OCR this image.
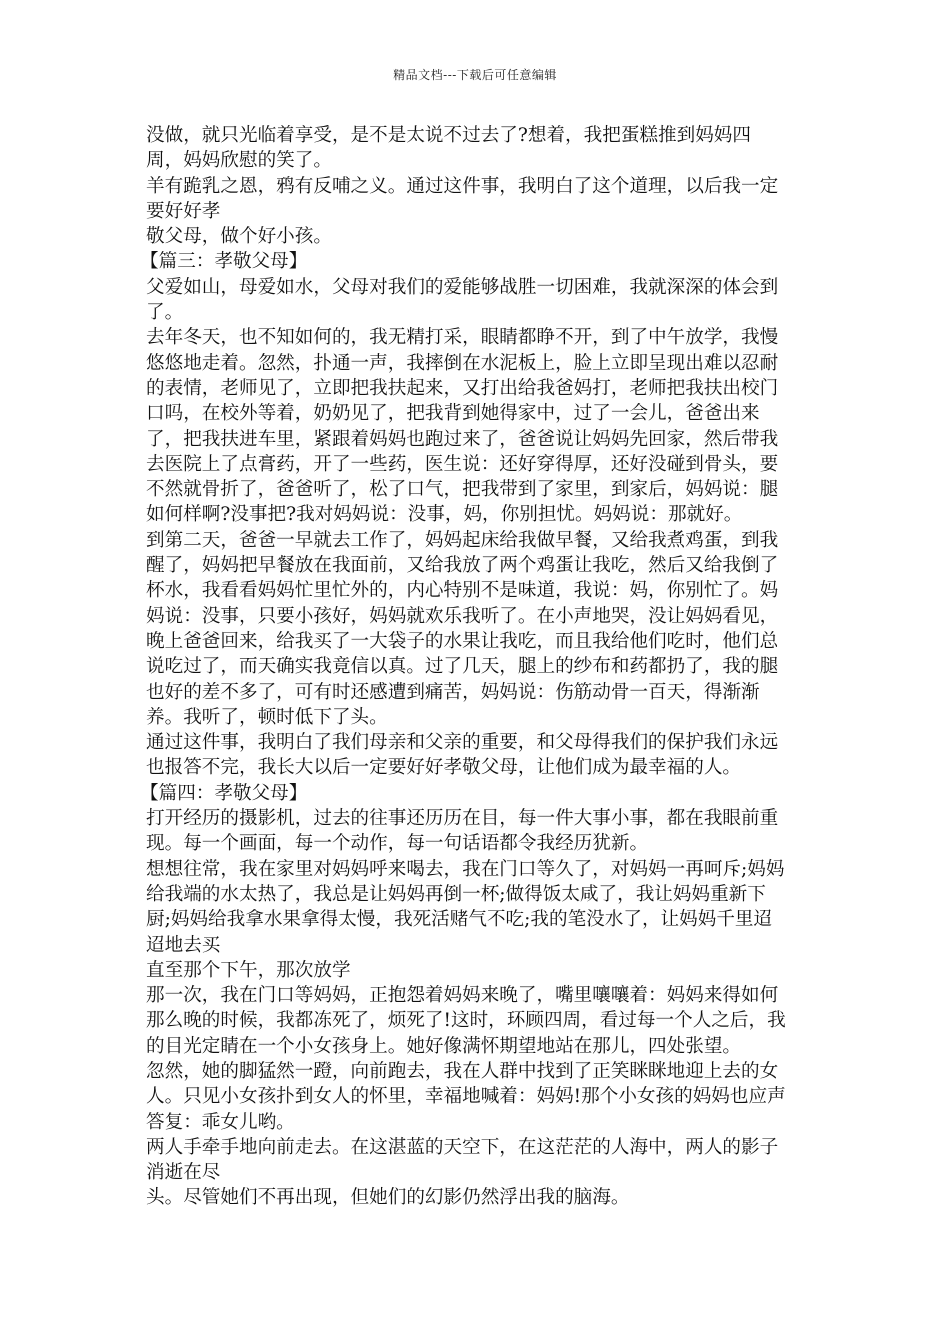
精品文档---下载后可任意编辑
没做，就只光临着享受，是不是太说不过去了?想着，我把蛋糕推到妈妈四
周，妈妈欣慰的笑了。
羊有跪乳之恩，鸦有反哺之义。通过这件事，我明白了这个道理，以后我一定
要好好孝
敬父母，做个好小孩。
【篇三：孝敬父母】
父爱如山，母爱如水，父母对我们的爱能够战胜一切困难，我就深深的体会到
了。
去年冬天，也不知如何的，我无精打采，眼睛都睁不开，到了中午放学，我慢
悠悠地走着。忽然，扑通一声，我摔倒在水泥板上，脸上立即呈现出难以忍耐
的表情，老师见了，立即把我扶起来，又打出给我爸妈打，老师把我扶出校门
口吗，在校外等着，奶奶见了，把我背到她得家中，过了一会儿，爸爸出来
了，把我扶进车里，紧跟着妈妈也跑过来了，爸爸说让妈妈先回家，然后带我
去医院上了点膏药，开了一些药，医生说：还好穿得厚，还好没碰到骨头，要
不然就骨折了，爸爸听了，松了口气，把我带到了家里，到家后，妈妈说：腿
如何样啊?没事把?我对妈妈说：没事，妈，你别担忧。妈妈说：那就好。
到第二天，爸爸一早就去工作了，妈妈起床给我做早餐，又给我煮鸡蛋，到我
醒了，妈妈把早餐放在我面前，又给我放了两个鸡蛋让我吃，然后又给我倒了
杯水，我看看妈妈忙里忙外的，内心特别不是味道，我说：妈，你别忙了。妈
妈说：没事，只要小孩好，妈妈就欢乐我听了。在小声地哭，没让妈妈看见，
晚上爸爸回来，给我买了一大袋子的水果让我吃，而且我给他们吃时，他们总
说吃过了，而天确实我竟信以真。过了几天，腿上的纱布和药都扔了，我的腿
也好的差不多了，可有时还感遭到痛苦，妈妈说：伤筋动骨一百天，得渐渐
养。我听了，顿时低下了头。
通过这件事，我明白了我们母亲和父亲的重要，和父母得我们的保护我们永远
也报答不完，我长大以后一定要好好孝敬父母，让他们成为最幸福的人。
【篇四：孝敬父母】
打开经历的摄影机，过去的往事还历历在目，每一件大事小事，都在我眼前重
现。每一个画面，每一个动作，每一句话语都令我经历犹新。
想想往常，我在家里对妈妈呼来喝去，我在门口等久了，对妈妈一再呵斥;妈妈
给我端的水太热了，我总是让妈妈再倒一杯;做得饭太咸了，我让妈妈重新下
厨;妈妈给我拿水果拿得太慢，我死活赌气不吃;我的笔没水了，让妈妈千里迢
迢地去买
直至那个下午，那次放学
那一次，我在门口等妈妈，正抱怨着妈妈来晚了，嘴里嚷嚷着：妈妈来得如何
那么晚的时候，我都冻死了，烦死了!这时，环顾四周，看过每一个人之后，我
的目光定睛在一个小女孩身上。她好像满怀期望地站在那儿，四处张望。
忽然，她的脚猛然一蹬，向前跑去，我在人群中找到了正笑眯眯地迎上去的女
人。只见小女孩扑到女人的怀里，幸福地喊着：妈妈!那个小女孩的妈妈也应声
答复：乖女儿哟。
两人手牵手地向前走去。在这湛蓝的天空下，在这茫茫的人海中，两人的影子
消逝在尽
头。尽管她们不再出现，但她们的幻影仍然浮出我的脑海。
